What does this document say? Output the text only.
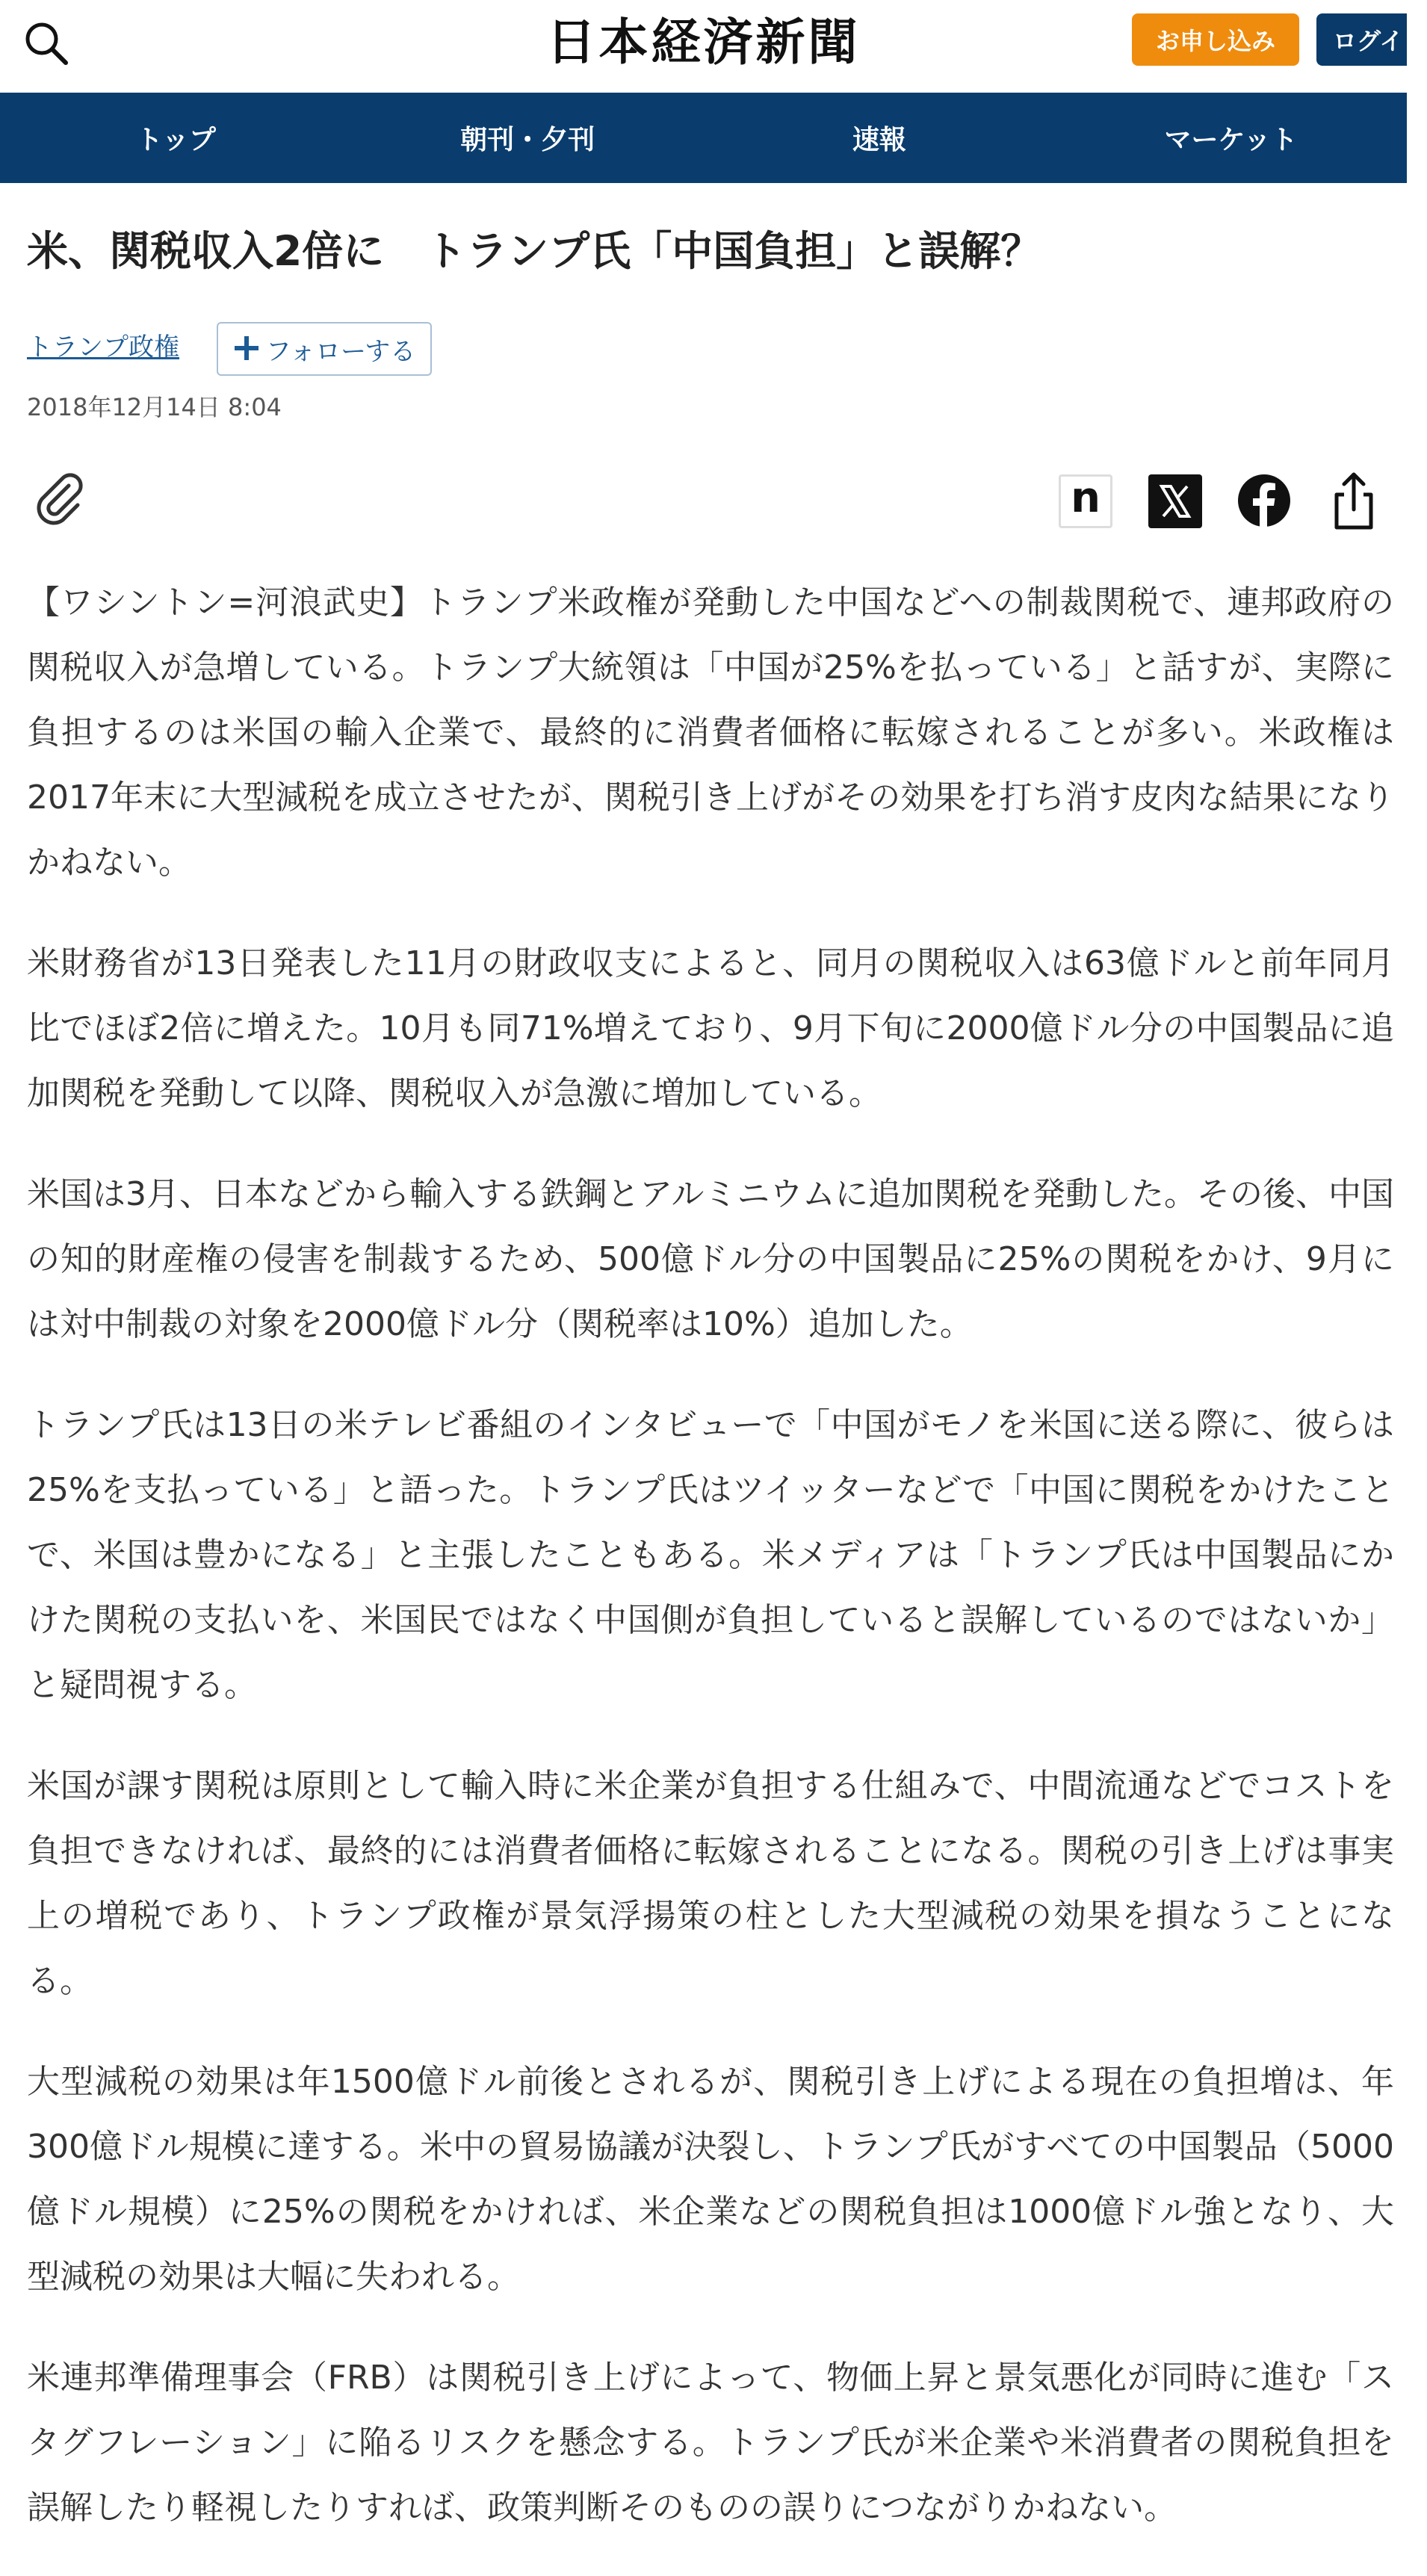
日本経済新聞	お申し込み	ログイン
トップ	朝刊・夕刊	速報	マーケット
米、関税収入2倍に　トランプ氏「中国負担」と誤解？
トランプ政権	フォローする
2018年12月14日 8:04
n

【ワシントン=河浪武史】トランプ米政権が発動した中国などへの制裁関税で、連邦政府の関税収入が急増している。トランプ大統領は「中国が25%を払っている」と話すが、実際に負担するのは米国の輸入企業で、最終的に消費者価格に転嫁されることが多い。米政権は2017年末に大型減税を成立させたが、関税引き上げがその効果を打ち消す皮肉な結果になりかねない。

米財務省が13日発表した11月の財政収支によると、同月の関税収入は63億ドルと前年同月比でほぼ2倍に増えた。10月も同71%増えており、9月下旬に2000億ドル分の中国製品に追加関税を発動して以降、関税収入が急激に増加している。

米国は3月、日本などから輸入する鉄鋼とアルミニウムに追加関税を発動した。その後、中国の知的財産権の侵害を制裁するため、500億ドル分の中国製品に25%の関税をかけ、9月には対中制裁の対象を2000億ドル分（関税率は10%）追加した。

トランプ氏は13日の米テレビ番組のインタビューで「中国がモノを米国に送る際に、彼らは25%を支払っている」と語った。トランプ氏はツイッターなどで「中国に関税をかけたことで、米国は豊かになる」と主張したこともある。米メディアは「トランプ氏は中国製品にかけた関税の支払いを、米国民ではなく中国側が負担していると誤解しているのではないか」と疑問視する。

米国が課す関税は原則として輸入時に米企業が負担する仕組みで、中間流通などでコストを負担できなければ、最終的には消費者価格に転嫁されることになる。関税の引き上げは事実上の増税であり、トランプ政権が景気浮揚策の柱とした大型減税の効果を損なうことになる。

大型減税の効果は年1500億ドル前後とされるが、関税引き上げによる現在の負担増は、年300億ドル規模に達する。米中の貿易協議が決裂し、トランプ氏がすべての中国製品（5000億ドル規模）に25%の関税をかければ、米企業などの関税負担は1000億ドル強となり、大型減税の効果は大幅に失われる。

米連邦準備理事会（FRB）は関税引き上げによって、物価上昇と景気悪化が同時に進む「スタグフレーション」に陥るリスクを懸念する。トランプ氏が米企業や米消費者の関税負担を誤解したり軽視したりすれば、政策判断そのものの誤りにつながりかねない。
